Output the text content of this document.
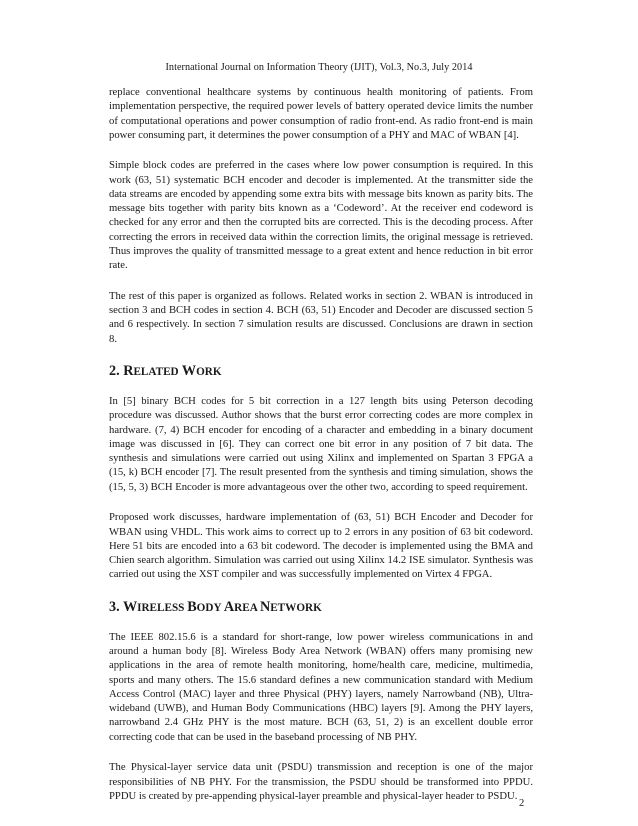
International Journal on Information Theory (IJIT), Vol.3, No.3, July 2014

replace conventional healthcare systems by continuous health monitoring of patients. From implementation perspective, the required power levels of battery operated device limits the number of computational operations and power consumption of radio front-end. As radio front-end is main power consuming part, it determines the power consumption of a PHY and MAC of WBAN [4].

Simple block codes are preferred in the cases where low power consumption is required. In this work (63, 51) systematic BCH encoder and decoder is implemented. At the transmitter side the data streams are encoded by appending some extra bits with message bits known as parity bits. The message bits together with parity bits known as a ‘Codeword’. At the receiver end codeword is checked for any error and then the corrupted bits are corrected. This is the decoding process. After correcting the errors in received data within the correction limits, the original message is retrieved. Thus improves the quality of transmitted message to a great extent and hence reduction in bit error rate.

The rest of this paper is organized as follows. Related works in section 2. WBAN is introduced in section 3 and BCH codes in section 4. BCH (63, 51) Encoder and Decoder are discussed section 5 and 6 respectively. In section 7 simulation results are discussed. Conclusions are drawn in section 8.

2. RELATED WORK

In [5] binary BCH codes for 5 bit correction in a 127 length bits using Peterson decoding procedure was discussed. Author shows that the burst error correcting codes are more complex in hardware. (7, 4) BCH encoder for encoding of a character and embedding in a binary document image was discussed in [6]. They can correct one bit error in any position of 7 bit data. The synthesis and simulations were carried out using Xilinx and implemented on Spartan 3 FPGA a (15, k) BCH encoder [7]. The result presented from the synthesis and timing simulation, shows the (15, 5, 3) BCH Encoder is more advantageous over the other two, according to speed requirement.

Proposed work discusses, hardware implementation of (63, 51) BCH Encoder and Decoder for WBAN using VHDL. This work aims to correct up to 2 errors in any position of 63 bit codeword. Here 51 bits are encoded into a 63 bit codeword. The decoder is implemented using the BMA and Chien search algorithm. Simulation was carried out using Xilinx 14.2 ISE simulator. Synthesis was carried out using the XST compiler and was successfully implemented on Virtex 4 FPGA.

3. WIRELESS BODY AREA NETWORK

The IEEE 802.15.6 is a standard for short-range, low power wireless communications in and around a human body [8]. Wireless Body Area Network (WBAN) offers many promising new applications in the area of remote health monitoring, home/health care, medicine, multimedia, sports and many others. The 15.6 standard defines a new communication standard with Medium Access Control (MAC) layer and three Physical (PHY) layers, namely Narrowband (NB), Ultra-wideband (UWB), and Human Body Communications (HBC) layers [9]. Among the PHY layers, narrowband 2.4 GHz PHY is the most mature. BCH (63, 51, 2) is an excellent double error correcting code that can be used in the baseband processing of NB PHY.

The Physical-layer service data unit (PSDU) transmission and reception is one of the major responsibilities of NB PHY. For the transmission, the PSDU should be transformed into PPDU. PPDU is created by pre-appending physical-layer preamble and physical-layer header to PSDU.

2
